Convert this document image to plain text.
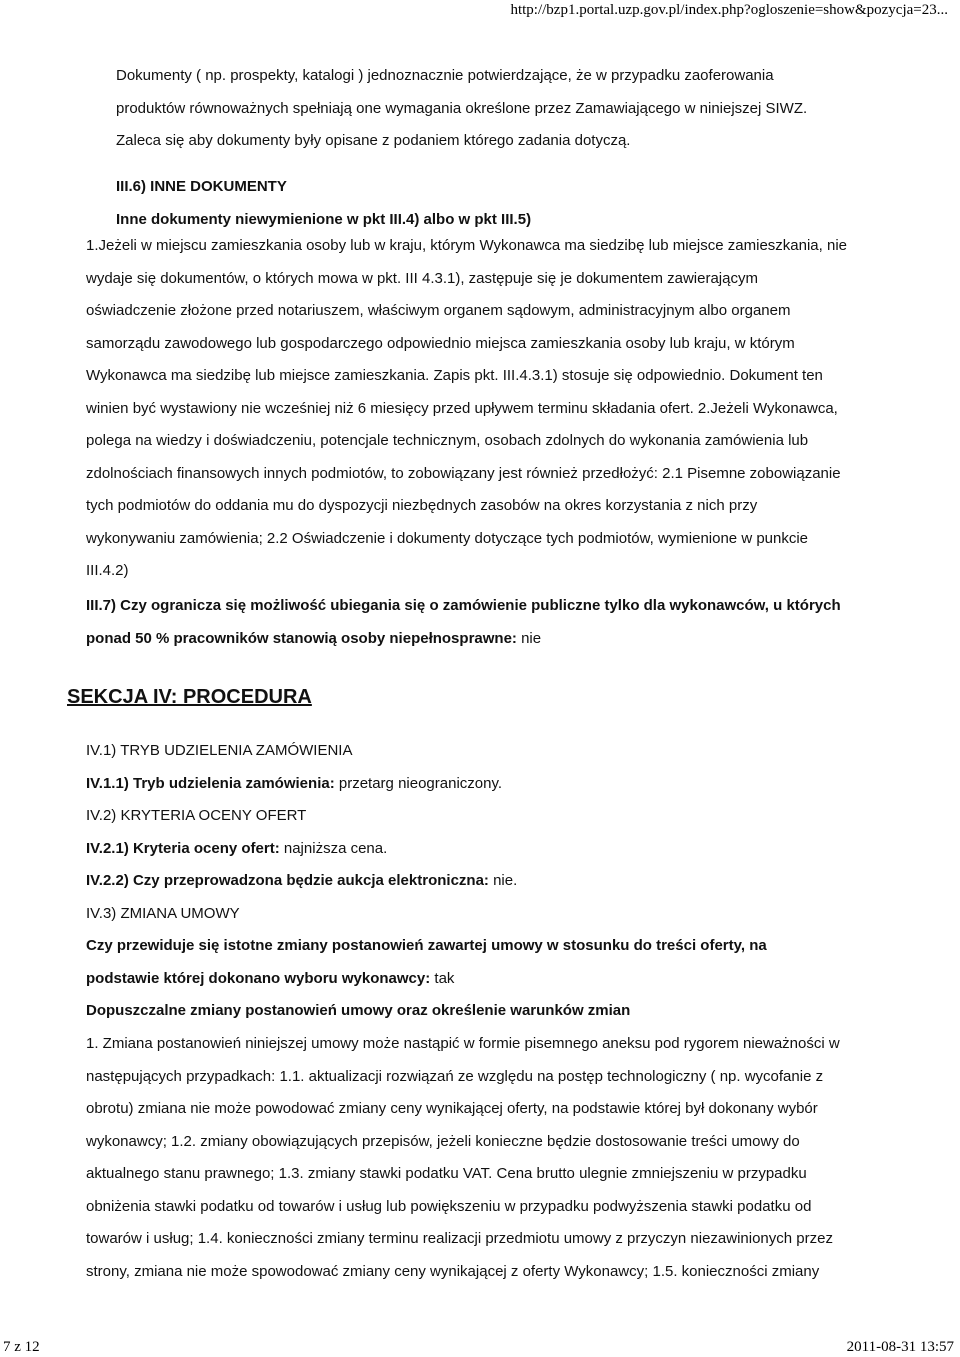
http://bzp1.portal.uzp.gov.pl/index.php?ogloszenie=show&pozycja=23...
Dokumenty ( np. prospekty, katalogi ) jednoznacznie potwierdzające, że w przypadku zaoferowania
produktów równoważnych spełniają one wymagania określone przez Zamawiającego w niniejszej SIWZ.
Zaleca się aby dokumenty były opisane z podaniem którego zadania dotyczą.
III.6) INNE DOKUMENTY
Inne dokumenty niewymienione w pkt III.4) albo w pkt III.5)
1.Jeżeli w miejscu zamieszkania osoby lub w kraju, którym Wykonawca ma siedzibę lub miejsce zamieszkania, nie
wydaje się dokumentów, o których mowa w pkt. III 4.3.1), zastępuje się je dokumentem zawierającym
oświadczenie złożone przed notariuszem, właściwym organem sądowym, administracyjnym albo organem
samorządu zawodowego lub gospodarczego odpowiednio miejsca zamieszkania osoby lub kraju, w którym
Wykonawca ma siedzibę lub miejsce zamieszkania. Zapis pkt. III.4.3.1) stosuje się odpowiednio. Dokument ten
winien być wystawiony nie wcześniej niż 6 miesięcy przed upływem terminu składania ofert. 2.Jeżeli Wykonawca,
polega na wiedzy i doświadczeniu, potencjale technicznym, osobach zdolnych do wykonania zamówienia lub
zdolnościach finansowych innych podmiotów, to zobowiązany jest również przedłożyć: 2.1 Pisemne zobowiązanie
tych podmiotów do oddania mu do dyspozycji niezbędnych zasobów na okres korzystania z nich przy
wykonywaniu zamówienia; 2.2 Oświadczenie i dokumenty dotyczące tych podmiotów, wymienione w punkcie
III.4.2)
III.7) Czy ogranicza się możliwość ubiegania się o zamówienie publiczne tylko dla wykonawców, u których
ponad 50 % pracowników stanowią osoby niepełnosprawne: nie
SEKCJA IV: PROCEDURA
IV.1) TRYB UDZIELENIA ZAMÓWIENIA
IV.1.1) Tryb udzielenia zamówienia: przetarg nieograniczony.
IV.2) KRYTERIA OCENY OFERT
IV.2.1) Kryteria oceny ofert: najniższa cena.
IV.2.2) Czy przeprowadzona będzie aukcja elektroniczna: nie.
IV.3) ZMIANA UMOWY
Czy przewiduje się istotne zmiany postanowień zawartej umowy w stosunku do treści oferty, na
podstawie której dokonano wyboru wykonawcy: tak
Dopuszczalne zmiany postanowień umowy oraz określenie warunków zmian
1. Zmiana postanowień niniejszej umowy może nastąpić w formie pisemnego aneksu pod rygorem nieważności w
następujących przypadkach: 1.1. aktualizacji rozwiązań ze względu na postęp technologiczny ( np. wycofanie z
obrotu) zmiana nie może powodować zmiany ceny wynikającej oferty, na podstawie której był dokonany wybór
wykonawcy; 1.2. zmiany obowiązujących przepisów, jeżeli konieczne będzie dostosowanie treści umowy do
aktualnego stanu prawnego; 1.3. zmiany stawki podatku VAT. Cena brutto ulegnie zmniejszeniu w przypadku
obniżenia stawki podatku od towarów i usług lub powiększeniu w przypadku podwyższenia stawki podatku od
towarów i usług; 1.4. konieczności zmiany terminu realizacji przedmiotu umowy z przyczyn niezawinionych przez
strony, zmiana nie może spowodować zmiany ceny wynikającej z oferty Wykonawcy; 1.5. konieczności zmiany
7 z 12	2011-08-31 13:57
